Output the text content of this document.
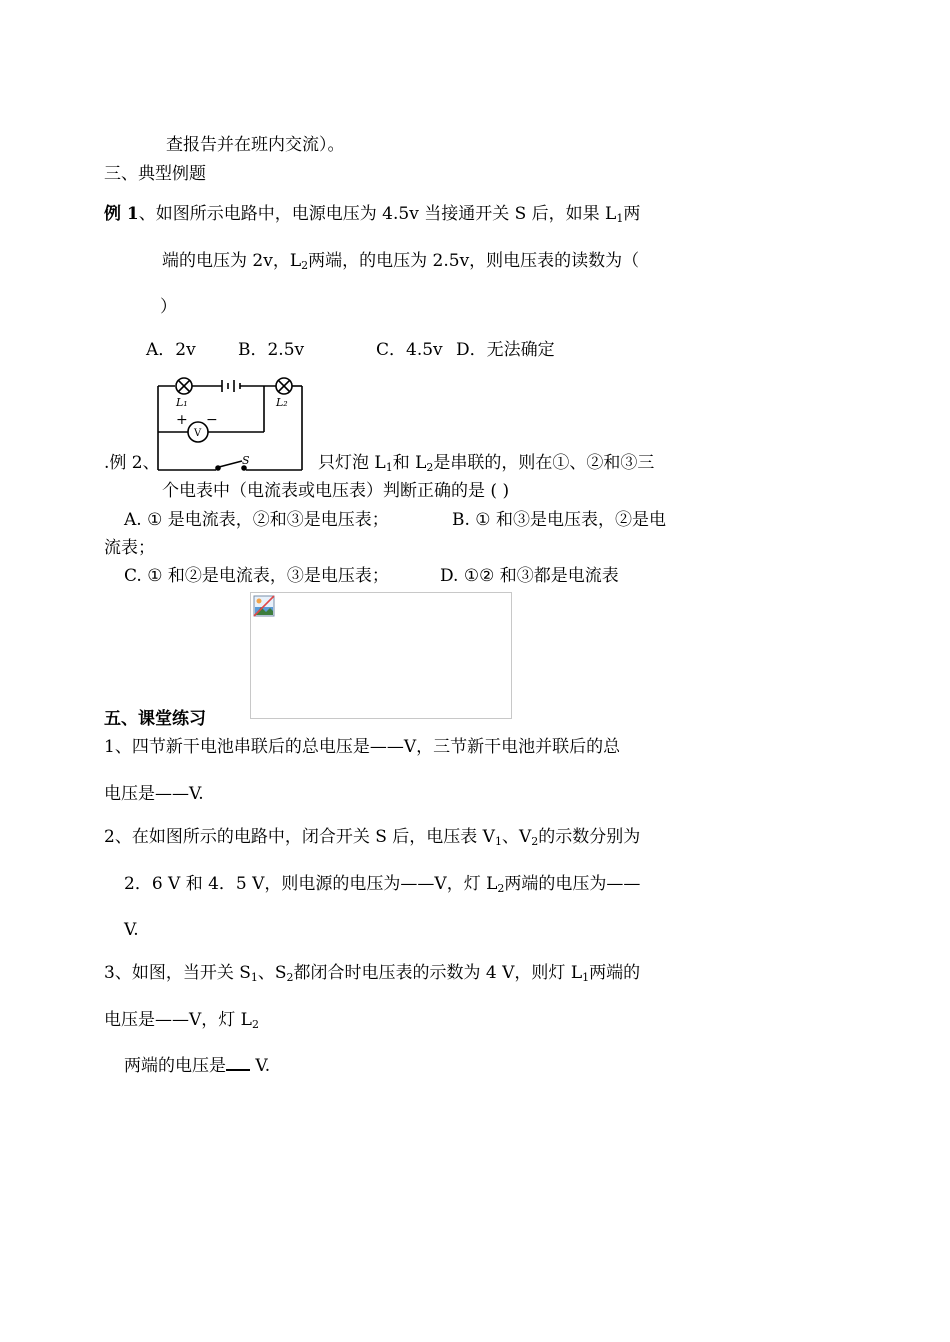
查报告并在班内交流）。
三、典型例题
例 1、如图所示电路中，电源电压为 4.5v 当接通开关 S 后，如果 $L_1$两
端的电压为 2v，$L_2$两端，的电压为 2.5v，则电压表的读数为（
）
A．2v B．2.5v	C．4.5v D．无法确定
L₁	L₂
V
+ −
S
.例 2、	只灯泡 $L_1$和 $L_2$是串联的，则在①、②和③三
个电表中（电流表或电压表）判断正确的是 ( )
A. ① 是电流表，②和③是电压表；	B. ① 和③是电压表，②是电
流表；
C. ① 和②是电流表，③是电压表；	D. ①② 和③都是电流表
五、课堂练习
1、四节新干电池串联后的总电压是——V，三节新干电池并联后的总
电压是——V.
2、在如图所示的电路中，闭合开关 S 后，电压表 $V_1$、$V_2$的示数分别为
2．6 V 和 4．5 V，则电源的电压为——V，灯 $L_2$两端的电压为——
V.
3、如图，当开关 $S_1$、$S_2$都闭合时电压表的示数为 4 V，则灯 $L_1$两端的
电压是——V，灯 $L_2$
两端的电压是 V.
